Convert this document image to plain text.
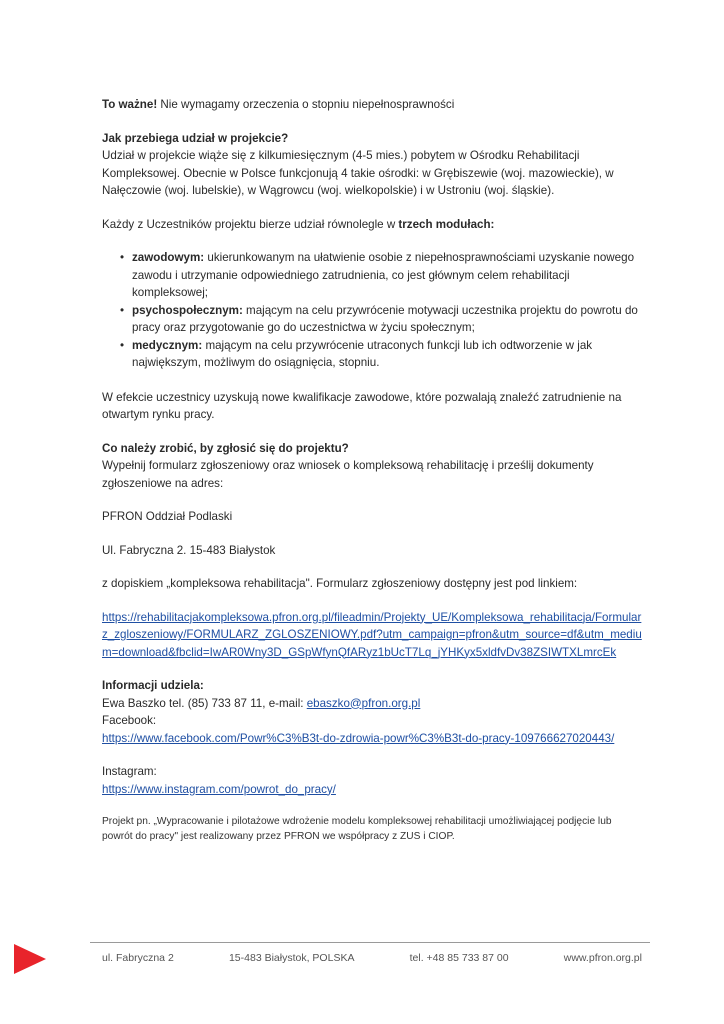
To ważne! Nie wymagamy orzeczenia o stopniu niepełnosprawności

Jak przebiega udział w projekcie?

Udział w projekcie wiąże się z kilkumiesięcznym (4-5 mies.) pobytem w Ośrodku Rehabilitacji Kompleksowej. Obecnie w Polsce funkcjonują 4 takie ośrodki: w Grębiszewie (woj. mazowieckie), w Nałęczowie (woj. lubelskie), w Wągrowcu (woj. wielkopolskie) i w Ustroniu (woj. śląskie).

Każdy z Uczestników projektu bierze udział równolegle w trzech modułach:

• zawodowym: ukierunkowanym na ułatwienie osobie z niepełnosprawnościami uzyskanie nowego zawodu i utrzymanie odpowiedniego zatrudnienia, co jest głównym celem rehabilitacji kompleksowej;
• psychospołecznym: mającym na celu przywrócenie motywacji uczestnika projektu do powrotu do pracy oraz przygotowanie go do uczestnictwa w życiu społecznym;
• medycznym: mającym na celu przywrócenie utraconych funkcji lub ich odtworzenie w jak największym, możliwym do osiągnięcia, stopniu.

W efekcie uczestnicy uzyskują nowe kwalifikacje zawodowe, które pozwalają znaleźć zatrudnienie na otwartym rynku pracy.

Co należy zrobić, by zgłosić się do projektu?

Wypełnij formularz zgłoszeniowy oraz wniosek o kompleksową rehabilitację i prześlij dokumenty zgłoszeniowe na adres:

PFRON Oddział Podlaski

Ul. Fabryczna 2. 15-483 Białystok

z dopiskiem „kompleksowa rehabilitacja". Formularz zgłoszeniowy dostępny jest pod linkiem:

https://rehabilitacjakompleksowa.pfron.org.pl/fileadmin/Projekty_UE/Kompleksowa_rehabilitacja/Formularz_zgloszeniowy/FORMULARZ_ZGLOSZENIOWY.pdf?utm_campaign=pfron&utm_source=df&utm_medium=download&fbclid=IwAR0Wny3D_GSpWfynQfARyz1bUcT7Lq_jYHKyx5xldfvDv38ZSIWTXLmrcEk

Informacji udziela:

Ewa Baszko tel. (85) 733 87 11, e-mail: ebaszko@pfron.org.pl

Facebook:

https://www.facebook.com/Powr%C3%B3t-do-zdrowia-powr%C3%B3t-do-pracy-109766627020443/

Instagram:

https://www.instagram.com/powrot_do_pracy/

Projekt pn. „Wypracowanie i pilotażowe wdrożenie modelu kompleksowej rehabilitacji umożliwiającej podjęcie lub powrót do pracy" jest realizowany przez PFRON we współpracy z ZUS i CIOP.

ul. Fabryczna 2	15-483 Białystok, POLSKA	tel. +48 85 733 87 00	www.pfron.org.pl
